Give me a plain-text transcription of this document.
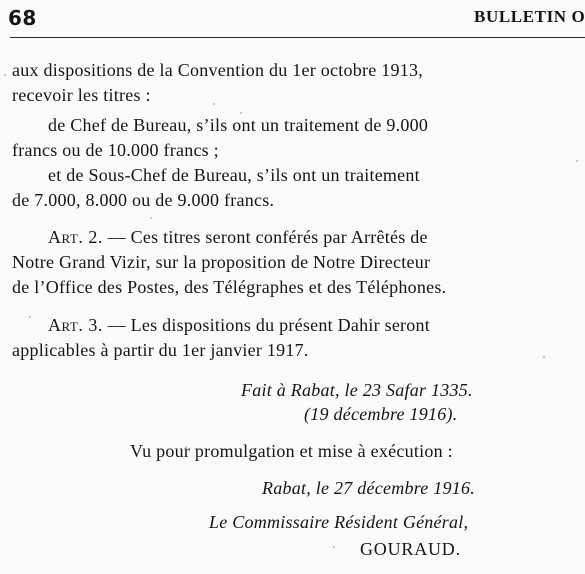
68	BULLETIN O
aux dispositions de la Convention du 1er octobre 1913,
recevoir les titres :
de Chef de Bureau, s’ils ont un traitement de 9.000
francs ou de 10.000 francs ;
et de Sous-Chef de Bureau, s’ils ont un traitement
de 7.000, 8.000 ou de 9.000 francs.
Art. 2. — Ces titres seront conférés par Arrêtés de
Notre Grand Vizir, sur la proposition de Notre Directeur
de l’Office des Postes, des Télégraphes et des Téléphones.
Art. 3. — Les dispositions du présent Dahir seront
applicables à partir du 1er janvier 1917.
Fait à Rabat, le 23 Safar 1335.
(19 décembre 1916).
Vu pour promulgation et mise à exécution :
Rabat, le 27 décembre 1916.
Le Commissaire Résident Général,
GOURAUD.
